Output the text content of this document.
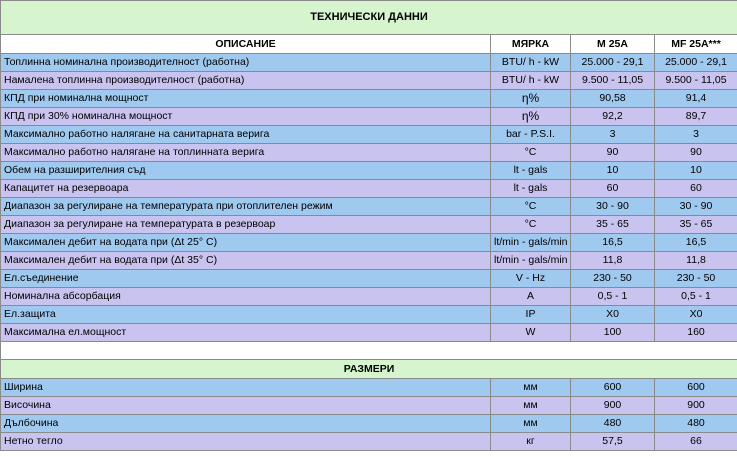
ТЕХНИЧЕСКИ ДАННИ			
ОПИСАНИЕ	МЯРКА	M 25A	MF 25A***
Топлинна номинална производителност (работна)	BTU/ h - kW	25.000 - 29,1	25.000 - 29,1
Намалена топлинна производителност (работна)	BTU/ h - kW	9.500 - 11,05	9.500 - 11,05
КПД при номинална мощност	η%	90,58	91,4
КПД при 30% номинална мощност	η%	92,2	89,7
Максимално работно налягане на санитарната верига	bar - P.S.I.	3	3
Максимално работно налягане на топлинната верига	°C	90	90
Обем на разширителния съд	lt - gals	10	10
Капацитет на резервоара	lt - gals	60	60
Диапазон за регулиране на температурата при отоплителен режим	°C	30 - 90	30 - 90
Диапазон за регулиране на температурата в резервоар	°C	35 - 65	35 - 65
Максимален дебит на водата при (Δt 25° C)	lt/min - gals/min	16,5	16,5
Максимален дебит на водата при (Δt 35° C)	lt/min - gals/min	11,8	11,8
Ел.съединение	V - Hz	230 - 50	230 - 50
Номинална абсорбация	A	0,5 - 1	0,5 - 1
Ел.защита	IP	X0	X0
Максимална ел.мощност	W	100	160

РАЗМЕРИ			
Ширина	мм	600	600
Височина	мм	900	900
Дълбочина	мм	480	480
Нетно тегло	кг	57,5	66
